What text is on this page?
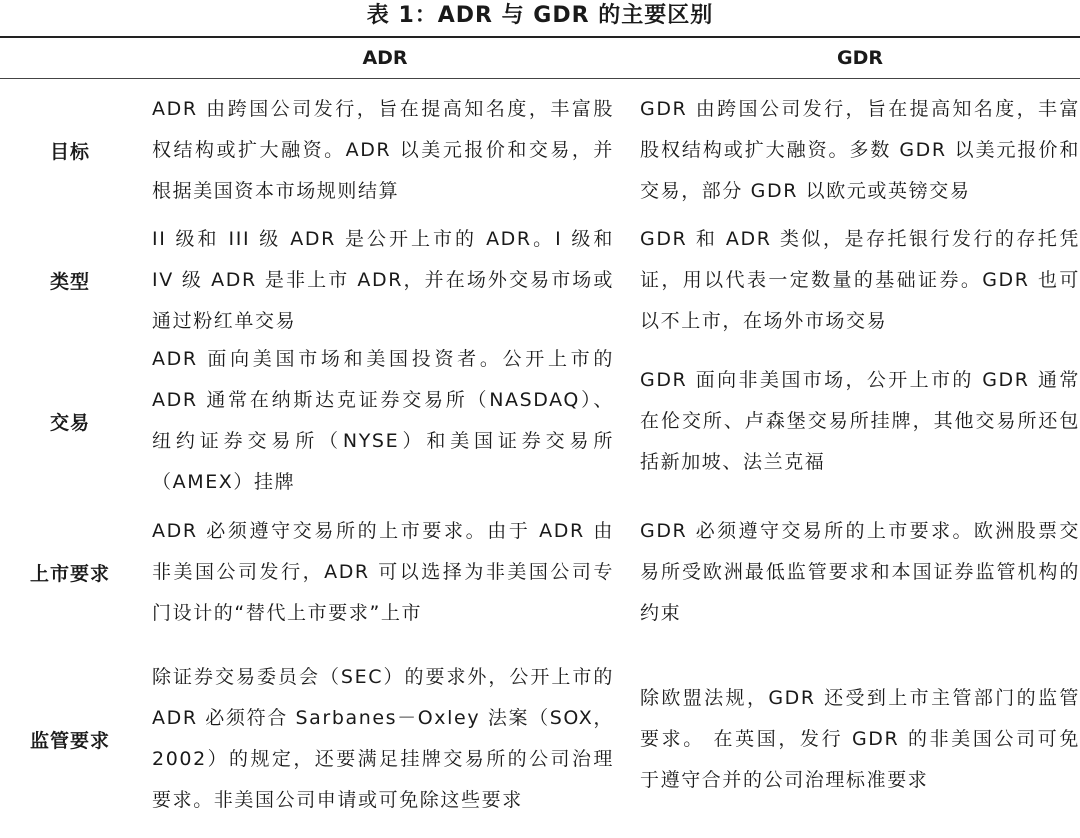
表 1：ADR 与 GDR 的主要区别
ADR	GDR
目标
ADR 由跨国公司发行，旨在提高知名度，丰富股权结构或扩大融资。ADR 以美元报价和交易，并根据美国资本市场规则结算
GDR 由跨国公司发行，旨在提高知名度，丰富股权结构或扩大融资。多数 GDR 以美元报价和交易，部分 GDR 以欧元或英镑交易
类型
II 级和 III 级 ADR 是公开上市的 ADR。I 级和 IV 级 ADR 是非上市 ADR，并在场外交易市场或通过粉红单交易
GDR 和 ADR 类似，是存托银行发行的存托凭证，用以代表一定数量的基础证券。GDR 也可以不上市，在场外市场交易
交易
ADR 面向美国市场和美国投资者。公开上市的 ADR 通常在纳斯达克证券交易所（NASDAQ）、纽约证券交易所（NYSE）和美国证券交易所（AMEX）挂牌
GDR 面向非美国市场，公开上市的 GDR 通常在伦交所、卢森堡交易所挂牌，其他交易所还包括新加坡、法兰克福
上市要求
ADR 必须遵守交易所的上市要求。由于 ADR 由非美国公司发行，ADR 可以选择为非美国公司专门设计的“替代上市要求”上市
GDR 必须遵守交易所的上市要求。欧洲股票交易所受欧洲最低监管要求和本国证券监管机构的约束
监管要求
除证券交易委员会（SEC）的要求外，公开上市的 ADR 必须符合 Sarbanes－Oxley 法案（SOX，2002）的规定，还要满足挂牌交易所的公司治理要求。非美国公司申请或可免除这些要求
除欧盟法规，GDR 还受到上市主管部门的监管要求。 在英国，发行 GDR 的非美国公司可免于遵守合并的公司治理标准要求
